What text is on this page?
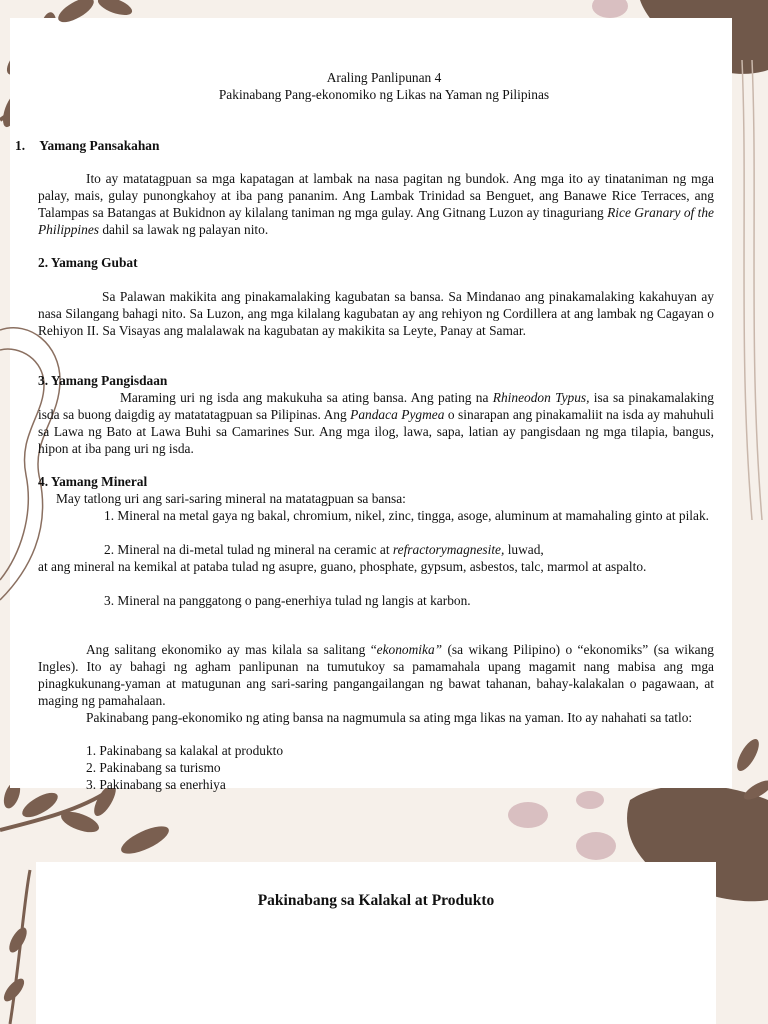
Araling Panlipunan 4

Pakinabang Pang-ekonomiko ng Likas na Yaman ng Pilipinas

1. Yamang Pansakahan

Ito ay matatagpuan sa mga kapatagan at lambak na nasa pagitan ng bundok. Ang mga ito ay tinataniman ng mga palay, mais, gulay punongkahoy at iba pang pananim. Ang Lambak Trinidad sa Benguet, ang Banawe Rice Terraces, ang Talampas sa Batangas at Bukidnon ay kilalang taniman ng mga gulay. Ang Gitnang Luzon ay tinaguriang Rice Granary of the Philippines dahil sa lawak ng palayan nito.

2. Yamang Gubat

Sa Palawan makikita ang pinakamalaking kagubatan sa bansa. Sa Mindanao ang pinakamalaking kakahuyan ay nasa Silangang bahagi nito. Sa Luzon, ang mga kilalang kagubatan ay ang rehiyon ng Cordillera at ang lambak ng Cagayan o Rehiyon II. Sa Visayas ang malalawak na kagubatan ay makikita sa Leyte, Panay at Samar.

3. Yamang Pangisdaan

Maraming uri ng isda ang makukuha sa ating bansa. Ang pating na Rhineodon Typus, isa sa pinakamalaking isda sa buong daigdig ay matatatagpuan sa Pilipinas. Ang Pandaca Pygmea o sinarapan ang pinakamaliit na isda ay mahuhuli sa Lawa ng Bato at Lawa Buhi sa Camarines Sur. Ang mga ilog, lawa, sapa, latian ay pangisdaan ng mga tilapia, bangus, hipon at iba pang uri ng isda.

4. Yamang Mineral

May tatlong uri ang sari-saring mineral na matatagpuan sa bansa:

1. Mineral na metal gaya ng bakal, chromium, nikel, zinc, tingga, asoge, aluminum at mamahaling ginto at pilak.

2. Mineral na di-metal tulad ng mineral na ceramic at refractorymagnesite, luwad,

at ang mineral na kemikal at pataba tulad ng asupre, guano, phosphate, gypsum, asbestos, talc, marmol at aspalto.

3. Mineral na panggatong o pang-enerhiya tulad ng langis at karbon.

Ang salitang ekonomiko ay mas kilala sa salitang “ekonomika” (sa wikang Pilipino) o “ekonomiks” (sa wikang Ingles). Ito ay bahagi ng agham panlipunan na tumutukoy sa pamamahala upang magamit nang mabisa ang mga pinagkukunang-yaman at matugunan ang sari-saring pangangailangan ng bawat tahanan, bahay-kalakalan o pagawaan, at maging ng pamahalaan.

Pakinabang pang-ekonomiko ng ating bansa na nagmumula sa ating mga likas na yaman. Ito ay nahahati sa tatlo:

1. Pakinabang sa kalakal at produkto

2. Pakinabang sa turismo

3. Pakinabang sa enerhiya

Pakinabang sa Kalakal at Produkto
